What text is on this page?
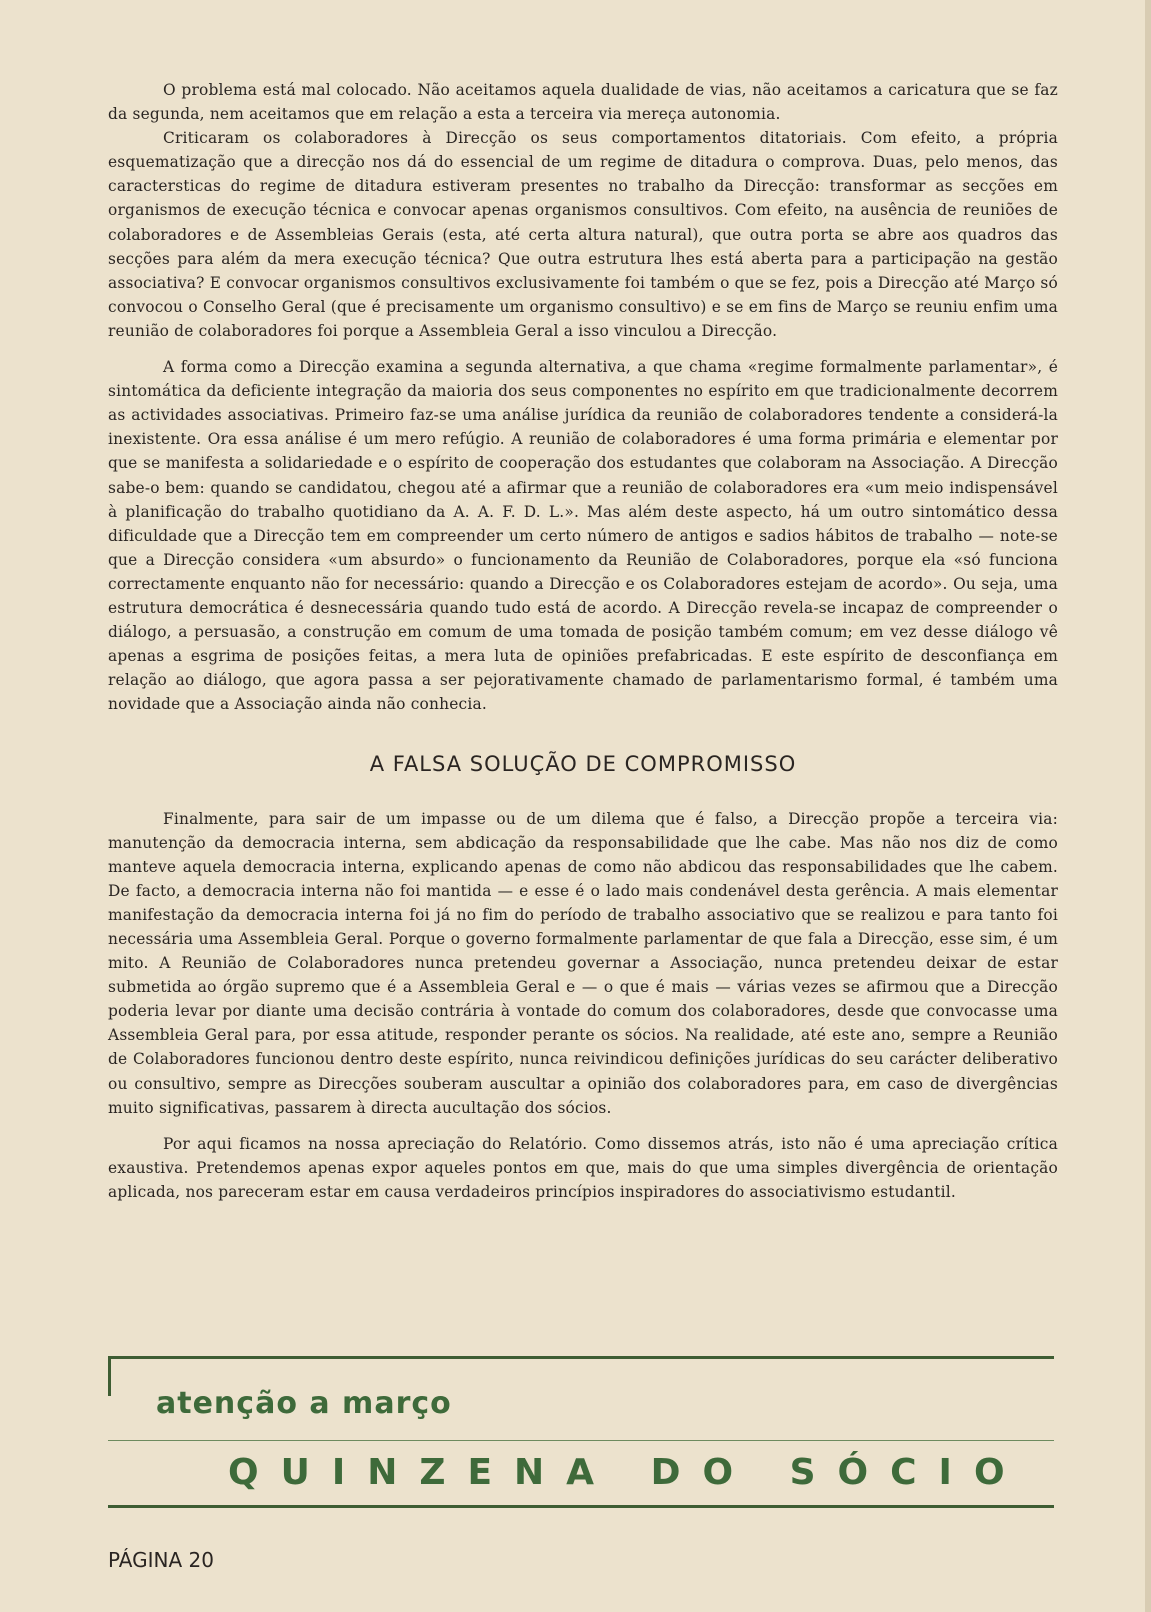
O problema está mal colocado. Não aceitamos aquela dualidade de vias, não aceitamos a caricatura que se faz da segunda, nem aceitamos que em relação a esta a terceira via mereça autonomia.

Criticaram os colaboradores à Direcção os seus comportamentos ditatoriais. Com efeito, a própria esquematização que a direcção nos dá do essencial de um regime de ditadura o comprova. Duas, pelo menos, das caractersticas do regime de ditadura estiveram presentes no trabalho da Direcção: transformar as secções em organismos de execução técnica e convocar apenas organismos consultivos. Com efeito, na ausência de reuniões de colaboradores e de Assembleias Gerais (esta, até certa altura natural), que outra porta se abre aos quadros das secções para além da mera execução técnica? Que outra estrutura lhes está aberta para a participação na gestão associativa? E convocar organismos consultivos exclusivamente foi também o que se fez, pois a Direcção até Março só convocou o Conselho Geral (que é precisamente um organismo consultivo) e se em fins de Março se reuniu enfim uma reunião de colaboradores foi porque a Assembleia Geral a isso vinculou a Direcção.

A forma como a Direcção examina a segunda alternativa, a que chama «regime formalmente parlamentar», é sintomática da deficiente integração da maioria dos seus componentes no espírito em que tradicionalmente decorrem as actividades associativas. Primeiro faz-se uma análise jurídica da reunião de colaboradores tendente a considerá-la inexistente. Ora essa análise é um mero refúgio. A reunião de colaboradores é uma forma primária e elementar por que se manifesta a solidariedade e o espírito de cooperação dos estudantes que colaboram na Associação. A Direcção sabe-o bem: quando se candidatou, chegou até a afirmar que a reunião de colaboradores era «um meio indispensável à planificação do trabalho quotidiano da A. A. F. D. L.». Mas além deste aspecto, há um outro sintomático dessa dificuldade que a Direcção tem em compreender um certo número de antigos e sadios hábitos de trabalho — note-se que a Direcção considera «um absurdo» o funcionamento da Reunião de Colaboradores, porque ela «só funciona correctamente enquanto não for necessário: quando a Direcção e os Colaboradores estejam de acordo». Ou seja, uma estrutura democrática é desnecessária quando tudo está de acordo. A Direcção revela-se incapaz de compreender o diálogo, a persuasão, a construção em comum de uma tomada de posição também comum; em vez desse diálogo vê apenas a esgrima de posições feitas, a mera luta de opiniões prefabricadas. E este espírito de desconfiança em relação ao diálogo, que agora passa a ser pejorativamente chamado de parlamentarismo formal, é também uma novidade que a Associação ainda não conhecia.

A FALSA SOLUÇÃO DE COMPROMISSO

Finalmente, para sair de um impasse ou de um dilema que é falso, a Direcção propõe a terceira via: manutenção da democracia interna, sem abdicação da responsabilidade que lhe cabe. Mas não nos diz de como manteve aquela democracia interna, explicando apenas de como não abdicou das responsabilidades que lhe cabem. De facto, a democracia interna não foi mantida — e esse é o lado mais condenável desta gerência. A mais elementar manifestação da democracia interna foi já no fim do período de trabalho associativo que se realizou e para tanto foi necessária uma Assembleia Geral. Porque o governo formalmente parlamentar de que fala a Direcção, esse sim, é um mito. A Reunião de Colaboradores nunca pretendeu governar a Associação, nunca pretendeu deixar de estar submetida ao órgão supremo que é a Assembleia Geral e — o que é mais — várias vezes se afirmou que a Direcção poderia levar por diante uma decisão contrária à vontade do comum dos colaboradores, desde que convocasse uma Assembleia Geral para, por essa atitude, responder perante os sócios. Na realidade, até este ano, sempre a Reunião de Colaboradores funcionou dentro deste espírito, nunca reivindicou definições jurídicas do seu carácter deliberativo ou consultivo, sempre as Direcções souberam auscultar a opinião dos colaboradores para, em caso de divergências muito significativas, passarem à directa aucultação dos sócios.

Por aqui ficamos na nossa apreciação do Relatório. Como dissemos atrás, isto não é uma apreciação crítica exaustiva. Pretendemos apenas expor aqueles pontos em que, mais do que uma simples divergência de orientação aplicada, nos pareceram estar em causa verdadeiros princípios inspiradores do associativismo estudantil.

atenção a março
QUINZENA DO SÓCIO
PÁGINA 20
